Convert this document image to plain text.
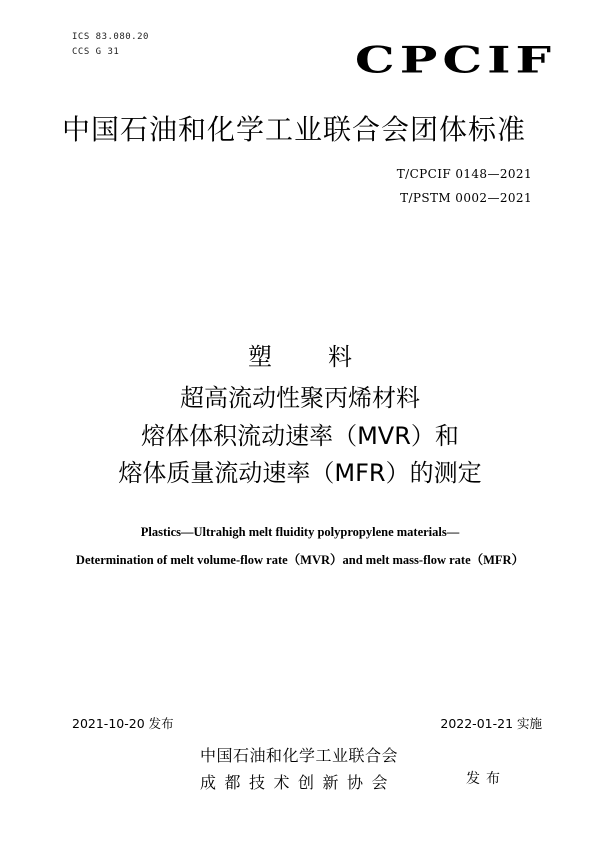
ICS 83.080.20
CCS G 31	CPCIF
中国石油和化学工业联合会团体标准
T/CPCIF 0148—2021
T/PSTM 0002—2021
塑 料
超高流动性聚丙烯材料
熔体体积流动速率（MVR）和
熔体质量流动速率（MFR）的测定
Plastics—Ultrahigh melt fluidity polypropylene materials—
Determination of melt volume-flow rate（MVR）and melt mass-flow rate（MFR）
2021-10-20 发布	2022-01-21 实施
中国石油和化学工业联合会
成都技术创新协会	发布
